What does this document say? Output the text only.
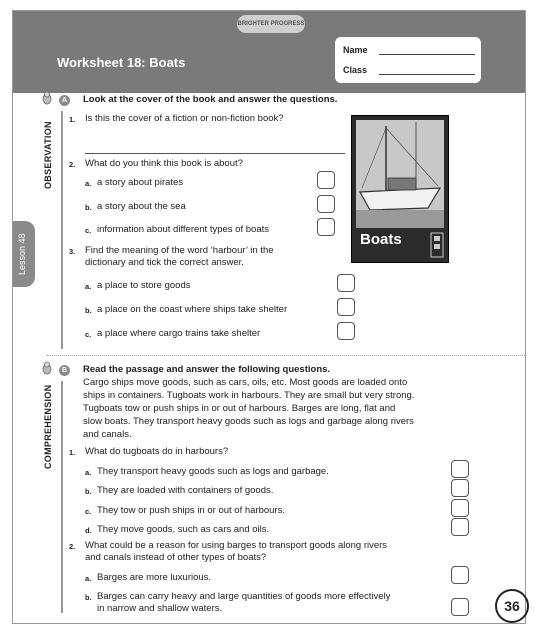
BRIGHTER PROGRESS
Worksheet 18: Boats
Name
Class
Lesson 48
A	Look at the cover of the book and answer the questions.
OBSERVATION
1. Is this the cover of a fiction or non-fiction book?
2. What do you think this book is about?
a. a story about pirates
b. a story about the sea
c. information about different types of boats
3. Find the meaning of the word ‘harbour’ in the
dictionary and tick the correct answer.
a. a place to store goods
b. a place on the coast where ships take shelter
c. a place where cargo trains take shelter
Boats
B	Read the passage and answer the following questions.
COMPREHENSION
Cargo ships move goods, such as cars, oils, etc. Most goods are loaded onto
ships in containers. Tugboats work in harbours. They are small but very strong.
Tugboats tow or push ships in or out of harbours. Barges are long, flat and
slow boats. They transport heavy goods such as logs and garbage along rivers
and canals.
1. What do tugboats do in harbours?
a. They transport heavy goods such as logs and garbage.
b. They are loaded with containers of goods.
c. They tow or push ships in or out of harbours.
d. They move goods, such as cars and oils.
2. What could be a reason for using barges to transport goods along rivers
and canals instead of other types of boats?
a. Barges are more luxurious.
b. Barges can carry heavy and large quantities of goods more effectively
in narrow and shallow waters.	36
